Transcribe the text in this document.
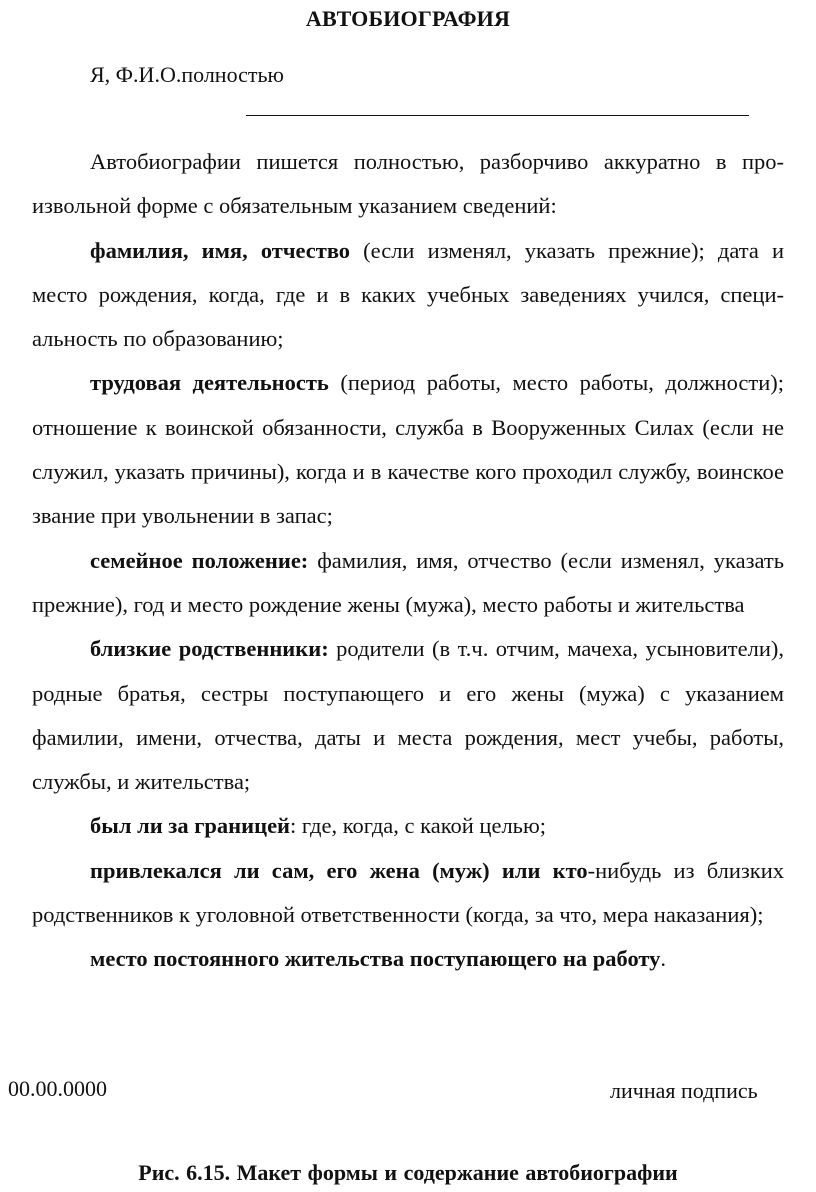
АВТОБИОГРАФИЯ
Я, Ф.И.О.полностью

Автобиографии пишется полностью, разборчиво аккуратно в произвольной форме с обязательным указанием сведений:

фамилия, имя, отчество (если изменял, указать прежние); дата и место рождения, когда, где и в каких учебных заведениях учился, специальность по образованию;

трудовая деятельность (период работы, место работы, должности); отношение к воинской обязанности, служба в Вооруженных Силах (если не служил, указать причины), когда и в качестве кого проходил службу, воинское звание при увольнении в запас;

семейное положение: фамилия, имя, отчество (если изменял, указать прежние), год и место рождение жены (мужа), место работы и жительства

близкие родственники: родители (в т.ч. отчим, мачеха, усыновители), родные братья, сестры поступающего и его жены (мужа) с указанием фамилии, имени, отчества, даты и места рождения, мест учебы, работы, службы, и жительства;

был ли за границей: где, когда, с какой целью;

привлекался ли сам, его жена (муж) или кто-нибудь из близких родственников к уголовной ответственности (когда, за что, мера наказания);

место постоянного жительства поступающего на работу.

00.00.0000	личная подпись
Рис. 6.15. Макет формы и содержание автобиографии
